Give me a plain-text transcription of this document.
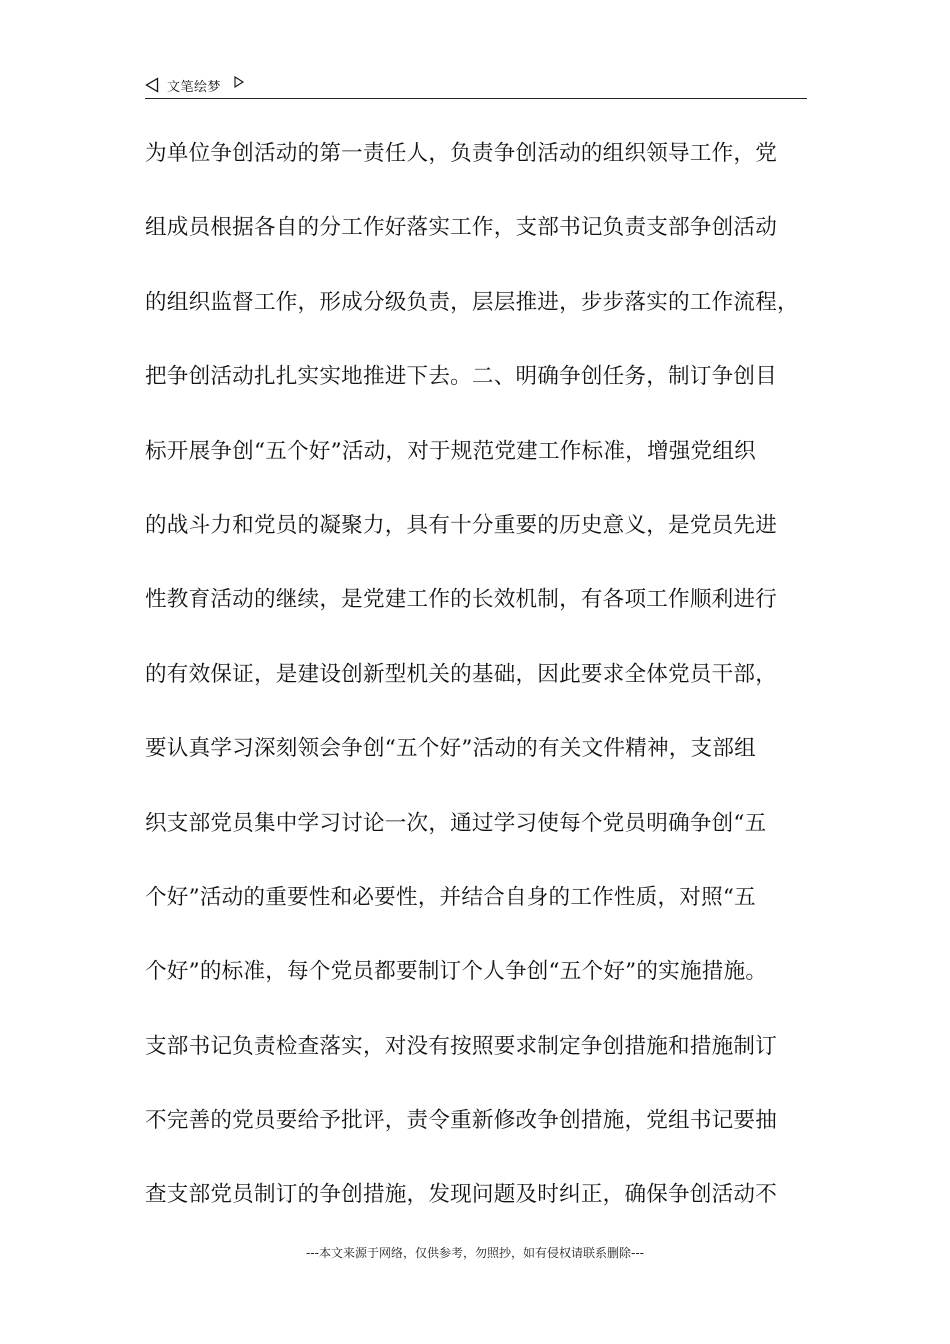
文笔绘梦
为单位争创活动的第一责任人，负责争创活动的组织领导工作，党
组成员根据各自的分工作好落实工作，支部书记负责支部争创活动
的组织监督工作，形成分级负责，层层推进，步步落实的工作流程，
把争创活动扎扎实实地推进下去。二、明确争创任务，制订争创目
标开展争创“五个好”活动，对于规范党建工作标准，增强党组织
的战斗力和党员的凝聚力，具有十分重要的历史意义，是党员先进
性教育活动的继续，是党建工作的长效机制，有各项工作顺利进行
的有效保证，是建设创新型机关的基础，因此要求全体党员干部，
要认真学习深刻领会争创“五个好”活动的有关文件精神，支部组
织支部党员集中学习讨论一次，通过学习使每个党员明确争创“五
个好”活动的重要性和必要性，并结合自身的工作性质，对照“五
个好”的标准，每个党员都要制订个人争创“五个好”的实施措施。
支部书记负责检查落实，对没有按照要求制定争创措施和措施制订
不完善的党员要给予批评，责令重新修改争创措施，党组书记要抽
查支部党员制订的争创措施，发现问题及时纠正，确保争创活动不
---本文来源于网络，仅供参考，勿照抄，如有侵权请联系删除---
